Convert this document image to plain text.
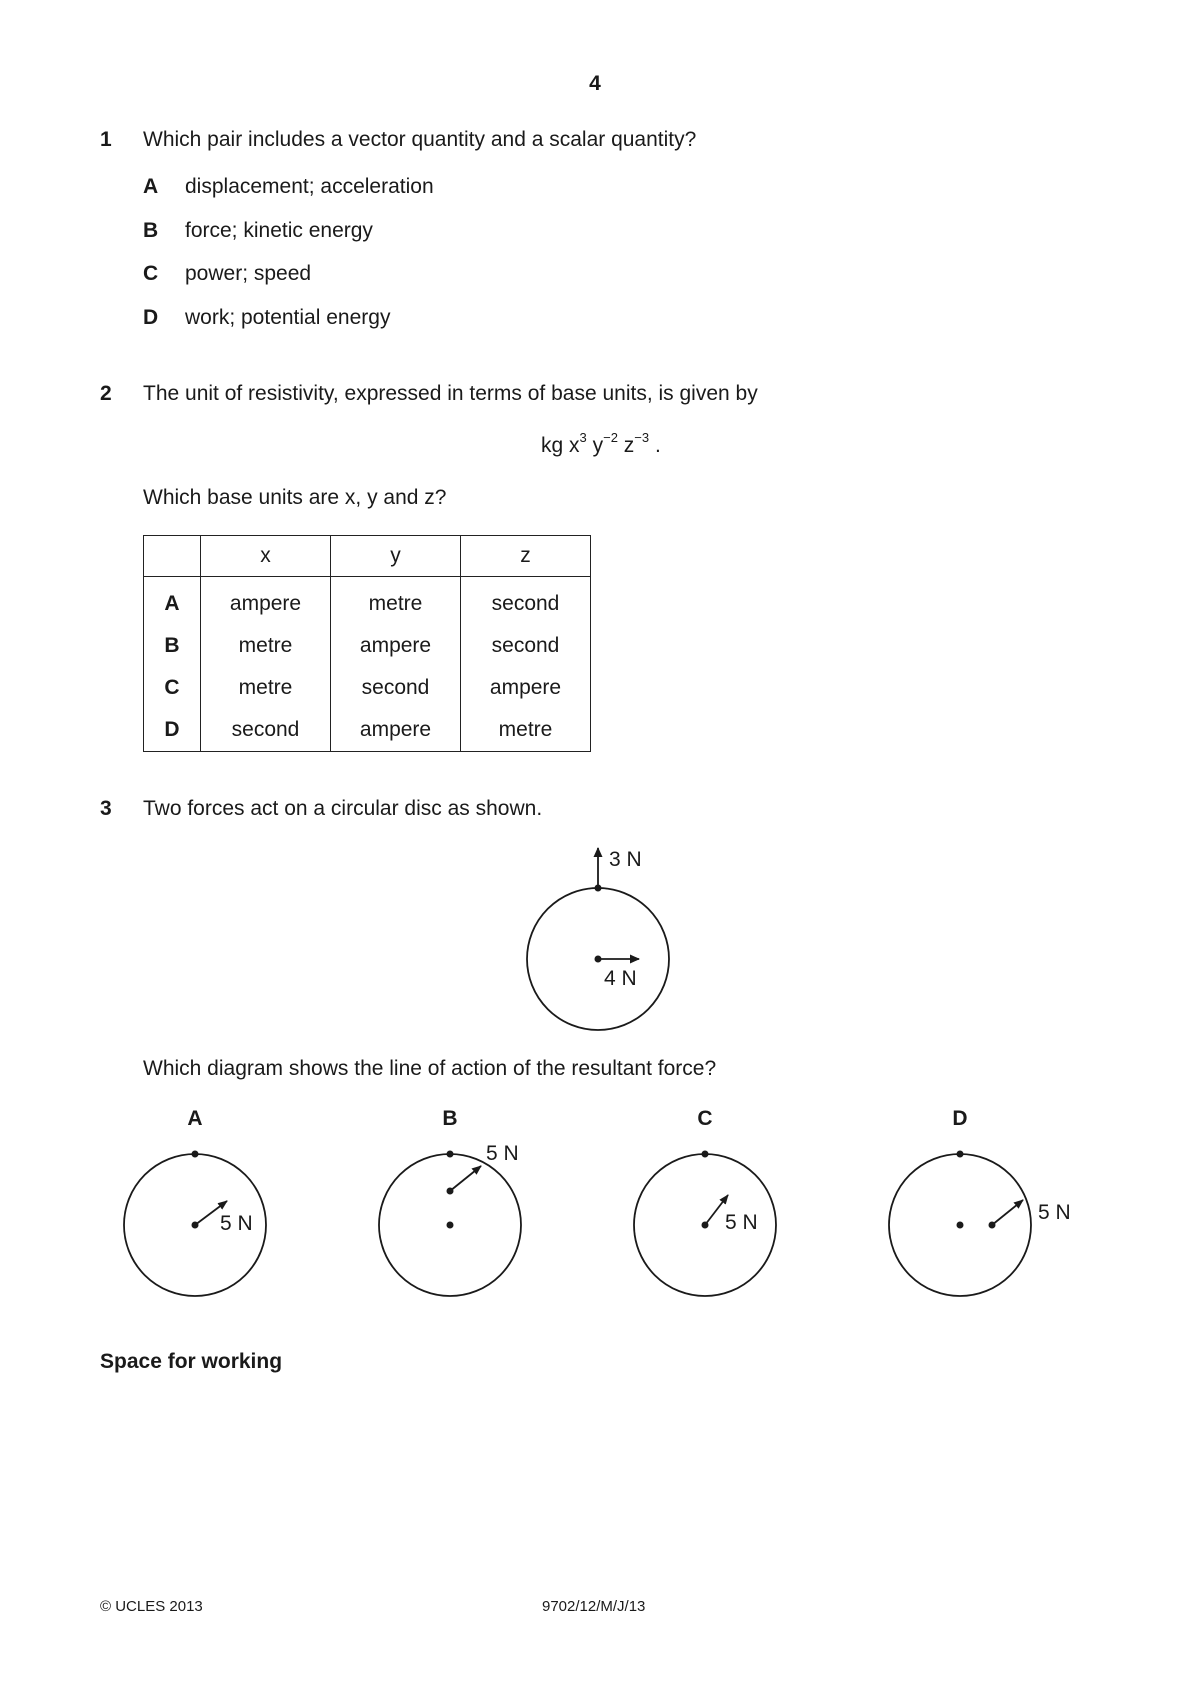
4
1 Which pair includes a vector quantity and a scalar quantity?
A displacement; acceleration
B force; kinetic energy
C power; speed
D work; potential energy
2 The unit of resistivity, expressed in terms of base units, is given by
kg $x^3$ $y^{-2}$ $z^{-3}$ .
Which base units are x, y and z?
	x	y	z
A	ampere	metre	second
B	metre	ampere	second
C	metre	second	ampere
D	second	ampere	metre
3 Two forces act on a circular disc as shown.
3 N
4 N
A
5 N
B
5 N
C
5 N
D
5 N
Which diagram shows the line of action of the resultant force?
Space for working
© UCLES 2013	9702/12/M/J/13
